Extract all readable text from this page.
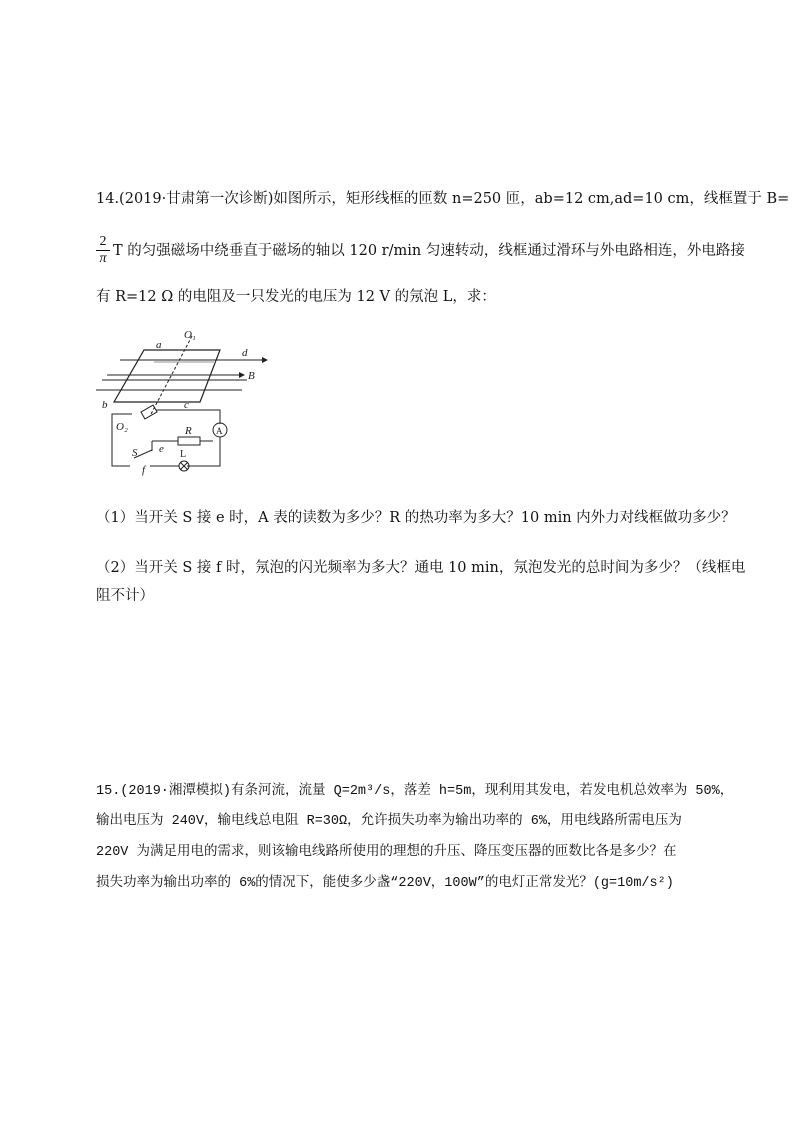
14.(2019·甘肃第一次诊断)如图所示，矩形线框的匝数 n=250 匝，ab=12 cm,ad=10 cm，线框置于 B=
2
π T 的匀强磁场中绕垂直于磁场的轴以 120 r/min 匀速转动，线框通过滑环与外电路相连，外电路接
有 R=12 Ω 的电阻及一只发光的电压为 12 V 的氖泡 L，求：
O₁
a
d
B
b	c
O₂	R	A
e L
S
f
（1）当开关 S 接 e 时，A 表的读数为多少？R 的热功率为多大？10 min 内外力对线框做功多少？
（2）当开关 S 接 f 时，氖泡的闪光频率为多大？通电 10 min，氖泡发光的总时间为多少？（线框电
阻不计）
15.(2019·湘潭模拟)有条河流，流量 Q=2m³/s，落差 h=5m，现利用其发电，若发电机总效率为 50%，
输出电压为 240V，输电线总电阻 R=30Ω，允许损失功率为输出功率的 6%，用电线路所需电压为
220V 为满足用电的需求，则该输电线路所使用的理想的升压、降压变压器的匝数比各是多少？在
损失功率为输出功率的 6%的情况下，能使多少盏“220V，100W”的电灯正常发光？(g=10m/s²)
